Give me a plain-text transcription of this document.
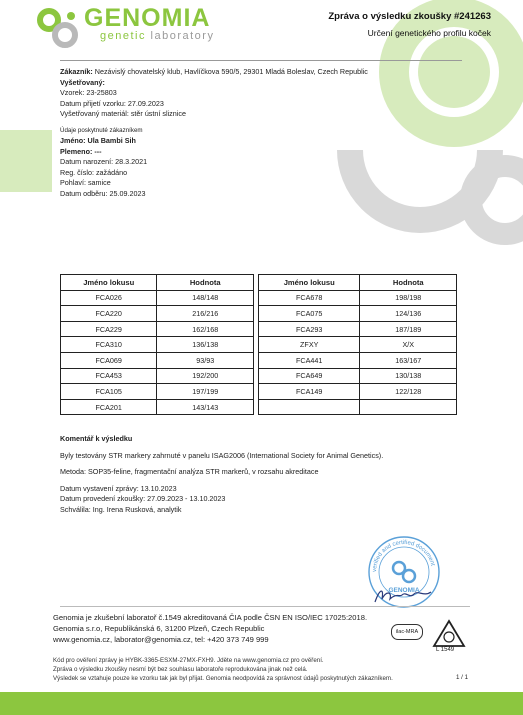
GENOMIA
genetic laboratory
Zpráva o výsledku zkoušky #241263
Určení genetického profilu koček
Zákazník: Nezávislý chovatelský klub, Havlíčkova 590/5, 29301 Mladá Boleslav, Czech Republic
Vyšetřovaný:
Vzorek: 23-25803
Datum přijetí vzorku: 27.09.2023
Vyšetřovaný materiál: stěr ústní sliznice
Údaje poskytnuté zákazníkem
Jméno: Ula Bambi Sih
Plemeno: ---
Datum narození: 28.3.2021
Reg. číslo: zažádáno
Pohlaví: samice
Datum odběru: 25.09.2023
Jméno lokusu	Hodnota		Jméno lokusu	Hodnota
FCA026	148/148		FCA678	198/198
FCA220	216/216		FCA075	124/136
FCA229	162/168		FCA293	187/189
FCA310	136/138		ZFXY	X/X
FCA069	93/93		FCA441	163/167
FCA453	192/200		FCA649	130/138
FCA105	197/199		FCA149	122/128
FCA201	143/143			
Komentář k výsledku
Byly testovány STR markery zahrnuté v panelu ISAG2006 (International Society for Animal Genetics).
Metoda: SOP35-feline, fragmentační analýza STR markerů, v rozsahu akreditace
Datum vystavení zprávy: 13.10.2023
Datum provedení zkoušky: 27.09.2023 - 13.10.2023
Schválila: Ing. Irena Rusková, analytik
verified and certified document
GENOMIA
Genomia je zkušební laboratoř č.1549 akreditovaná ČIA podle ČSN EN ISO/IEC 17025:2018.
Genomia s.r.o, Republikánská 6, 31200 Plzeň, Czech Republic
www.genomia.cz, laborator@genomia.cz, tel: +420 373 749 999
ilac-MRA
L 1549
Kód pro ověření zprávy je HYBK-3365-ESXM-27MX-FXH9. Jděte na www.genomia.cz pro ověření.
Zpráva o výsledku zkoušky nesmí být bez souhlasu laboratoře reprodukována jinak než celá.
Výsledek se vztahuje pouze ke vzorku tak jak byl přijat. Genomia neodpovídá za správnost údajů poskytnutých zákazníkem.	1 / 1
